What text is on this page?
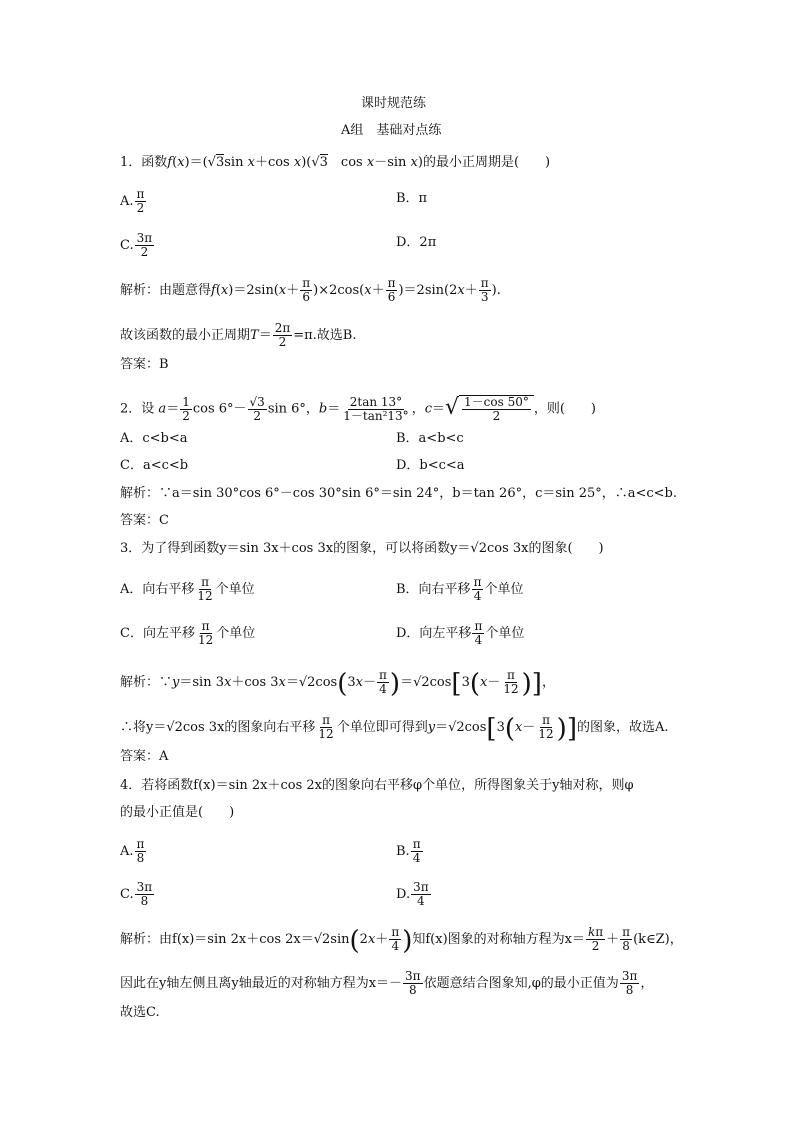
课时规范练
A组　基础对点练
1．函数f(x)＝(√3sin x＋cos x)(√3　cos x－sin x)的最小正周期是(　　)
A. $\frac{\pi}{2}$	B．π
C. $\frac{3\pi}{2}$	D．2π
解析：由题意得$f(x)=2\sin(x+ \frac{\pi}{6} )\times 2\cos(x+ \frac{\pi}{6} )=2\sin(2x+ \frac{\pi}{3}$ ).
故该函数的最小正周期$T= \frac{2\pi}{2} =\pi$.故选B.
答案：B
2．设 $a= \frac{1}{2}$ $\cos 6^\circ- \frac{√3}{2}$ sin 6°，$b= \frac{2\tan 13^\circ}{\text{1－tan²13°}}$ ，c＝ √ $\frac{1-\cos 50^\circ}{2}$ ，则(　　)
A．c<b<a	B．a<b<c
C．a<c<b	D．b<c<a
解析：∵a＝sin 30°cos 6°－cos 30°sin 6°＝sin 24°，b＝tan 26°，c＝sin 25°，∴a<c<b.
答案：C
3．为了得到函数y＝sin 3x＋cos 3x的图象，可以将函数y＝√2cos 3x的图象(　　)
A．向右平移 $\frac{\pi}{12}$ 个单位	B．向右平移 $\frac{\pi}{4}$ 个单位
C．向左平移 $\frac{\pi}{12}$ 个单位	D．向左平移 $\frac{\pi}{4}$ 个单位
解析：∵y＝sin 3x＋cos $3x=√2\cos(3x- \frac{\pi}{4} )=√2\cos[3(x- \frac{\pi}{12}$ )]，
∴将y＝√2cos 3x的图象向右平移 $\frac{\pi}{12}$ 个单位即可得到$y=√2\cos[3(x- \frac{\pi}{12}$ )]的图象，故选A.
答案：A
4．若将函数f(x)＝sin 2x＋cos 2x的图象向右平移φ个单位，所得图象关于y轴对称，则φ
的最小正值是(　　)
A. $\frac{\pi}{8}$	B. $\frac{\pi}{4}$
C. $\frac{3\pi}{8}$	D. $\frac{3\pi}{4}$
解析：由f(x)＝sin 2x＋cos $2x=√2\sin(2x+ \frac{\pi}{4}$ )知f(x)图象的对称轴方程为$x= \frac{k\pi}{2} + \frac{\pi}{8}$ (k∈Z)，
因此在y轴左侧且离y轴最近的对称轴方程为$x=- \frac{3\pi}{8}$ 依题意结合图象知,φ的最小正值为 $\frac{3\pi}{8}$ ，
故选C.
